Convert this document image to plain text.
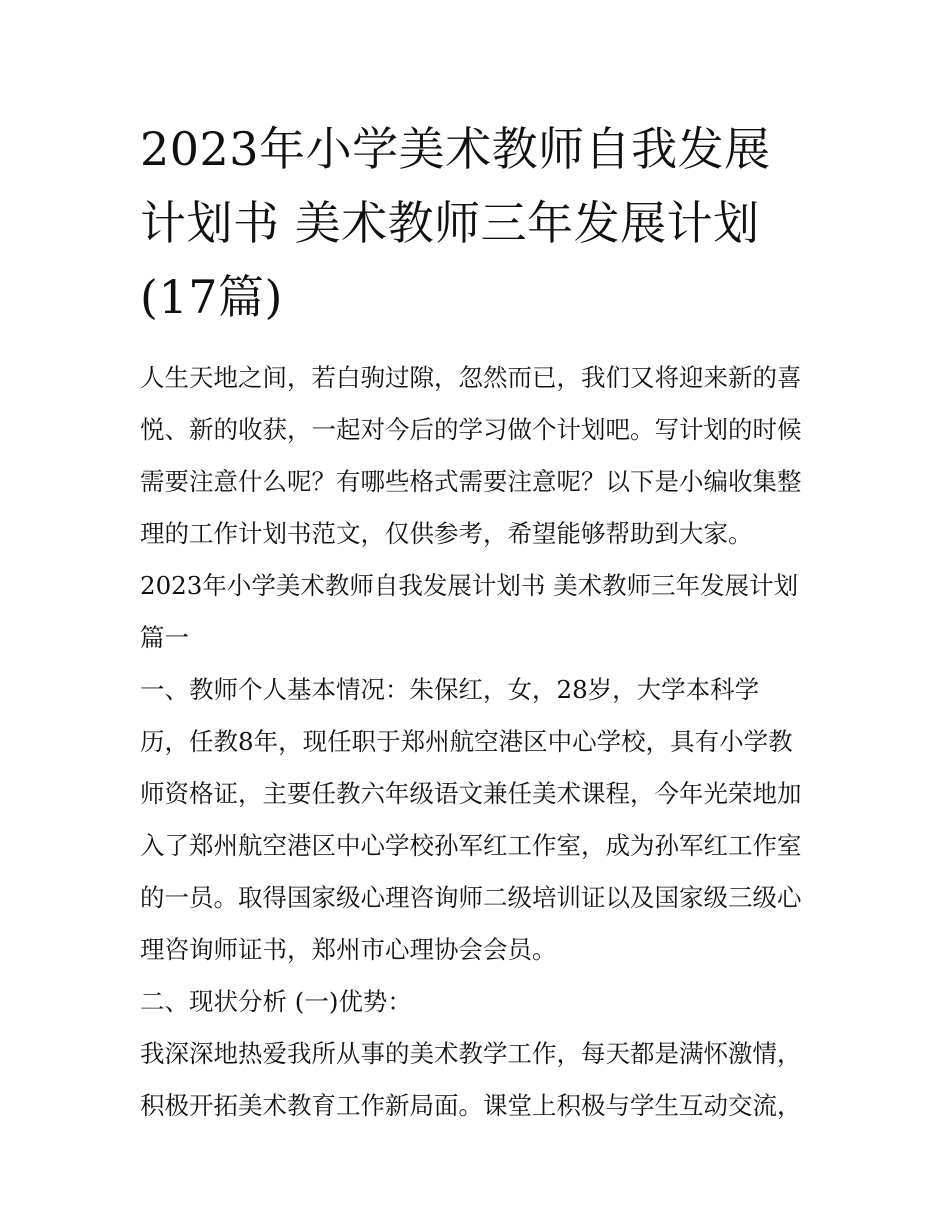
2023年小学美术教师自我发展
计划书 美术教师三年发展计划
(17篇)
人生天地之间，若白驹过隙，忽然而已，我们又将迎来新的喜
悦、新的收获，一起对今后的学习做个计划吧。写计划的时候
需要注意什么呢？有哪些格式需要注意呢？以下是小编收集整
理的工作计划书范文，仅供参考，希望能够帮助到大家。
2023年小学美术教师自我发展计划书 美术教师三年发展计划
篇一
一、教师个人基本情况：朱保红，女，28岁，大学本科学
历，任教8年，现任职于郑州航空港区中心学校，具有小学教
师资格证，主要任教六年级语文兼任美术课程，今年光荣地加
入了郑州航空港区中心学校孙军红工作室，成为孙军红工作室
的一员。取得国家级心理咨询师二级培训证以及国家级三级心
理咨询师证书，郑州市心理协会会员。
二、现状分析 (一)优势：
我深深地热爱我所从事的美术教学工作，每天都是满怀激情，
积极开拓美术教育工作新局面。课堂上积极与学生互动交流，
